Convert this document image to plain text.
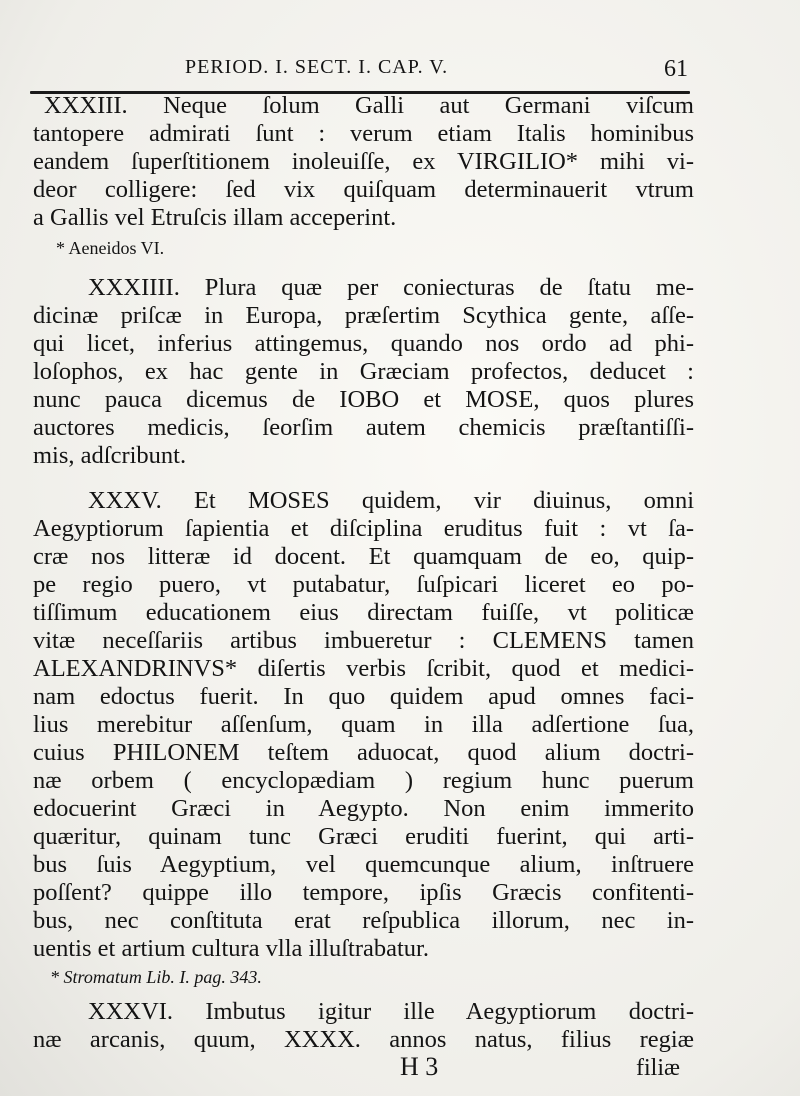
PERIOD. I. SECT. I. CAP. V.	61
XXXIII. Neque ſolum Galli aut Germani viſcum
tantopere admirati ſunt : verum etiam Italis hominibus
eandem ſuperſtitionem inoleuiſſe, ex VIRGILIO* mihi vi-
deor colligere: ſed vix quiſquam determinauerit vtrum
a Gallis vel Etruſcis illam acceperint.
* Aeneidos VI.
XXXIIII. Plura quæ per coniecturas de ſtatu me-
dicinæ priſcæ in Europa, præſertim Scythica gente, aſſe-
qui licet, inferius attingemus, quando nos ordo ad phi-
loſophos, ex hac gente in Græciam profectos, deducet :
nunc pauca dicemus de IOBO et MOSE, quos plures
auctores medicis, ſeorſim autem chemicis præſtantiſſi-
mis, adſcribunt.
XXXV. Et MOSES quidem, vir diuinus, omni
Aegyptiorum ſapientia et diſciplina eruditus fuit : vt ſa-
cræ nos litteræ id docent. Et quamquam de eo, quip-
pe regio puero, vt putabatur, ſuſpicari liceret eo po-
tiſſimum educationem eius directam fuiſſe, vt politicæ
vitæ neceſſariis artibus imbueretur : CLEMENS tamen
ALEXANDRINVS* diſertis verbis ſcribit, quod et medici-
nam edoctus fuerit. In quo quidem apud omnes faci-
lius merebitur aſſenſum, quam in illa adſertione ſua,
cuius PHILONEM teſtem aduocat, quod alium doctri-
næ orbem ( encyclopædiam ) regium hunc puerum
edocuerint Græci in Aegypto. Non enim immerito
quæritur, quinam tunc Græci eruditi fuerint, qui arti-
bus ſuis Aegyptium, vel quemcunque alium, inſtruere
poſſent? quippe illo tempore, ipſis Græcis confitenti-
bus, nec conſtituta erat reſpublica illorum, nec in-
uentis et artium cultura vlla illuſtrabatur.
* Stromatum Lib. I. pag. 343.
XXXVI. Imbutus igitur ille Aegyptiorum doctri-
næ arcanis, quum, XXXX. annos natus, filius regiæ
H 3	filiæ
